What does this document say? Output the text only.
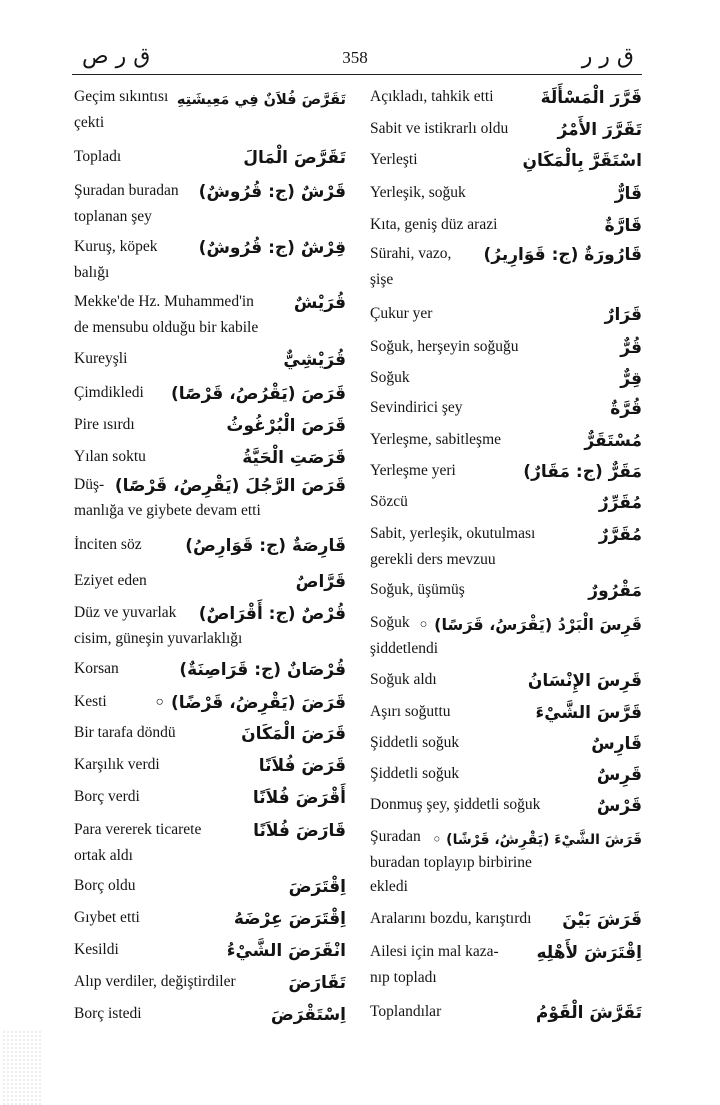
ق ر ص	358	ق ر ر
Geçim sıkıntısı تَقَرَّصَ فُلاَنٌ فِي مَعِيشَتِهِ
çekti
Topladı	تَقَرَّصَ الْمَالَ
Şuradan buradan قَرْشٌ (ج: قُرُوشٌ)
toplanan şey
Kuruş, köpek قِرْشٌ (ج: قُرُوشٌ)
balığı
Mekke'de Hz. Muhammed'in قُرَيْشٌ
de mensubu olduğu bir kabile
Kureyşli	قُرَيْشِيٌّ
Çimdikledi قَرَصَ (يَقْرُصُ، قَرْصًا)
Pire ısırdı	قَرَصَ الْبُرْغُوثُ
Yılan soktu	قَرَصَتِ الْحَيَّةُ
Düş- قَرَصَ الرَّجُلَ (يَقْرِصُ، قَرْصًا)
manlığa ve giybete devam etti
İnciten söz	قَارِصَةٌ (ج: قَوَارِصُ)
Eziyet eden	قَرَّاصٌ
Düz ve yuvarlak قُرْصٌ (ج: أَقْرَاصٌ)
cisim, güneşin yuvarlaklığı
Korsan	قُرْصَانٌ (ج: قَرَاصِنَةٌ)
Kesti	قَرَضَ (يَقْرِضُ، قَرْضًا) ◦
Bir tarafa döndü	قَرَضَ الْمَكَانَ
Karşılık verdi	قَرَضَ فُلاَنًا
Borç verdi	أَقْرَضَ فُلاَنًا
Para vererek ticarete	قَارَضَ فُلاَنًا
ortak aldı
Borç oldu	اِقْتَرَضَ
Gıybet etti	اِقْتَرَضَ عِرْضَهُ
Kesildi	انْقَرَضَ الشَّيْءُ
Alıp verdiler, değiştirdiler	تَقَارَضَ
Borç istedi	اِسْتَقْرَضَ
Açıkladı, tahkik etti	قَرَّرَ الْمَسْأَلَةَ
Sabit ve istikrarlı oldu	تَقَرَّرَ الأَمْرُ
Yerleşti	اسْتَقَرَّ بِالْمَكَانِ
Yerleşik, soğuk	قَارٌّ
Kıta, geniş düz arazi	قَارَّةٌ
Sürahi, vazo, قَارُورَةٌ (ج: قَوَارِيرُ)
şişe
Çukur yer	قَرَارٌ
Soğuk, herşeyin soğuğu	قُرٌّ
Soğuk	قِرٌّ
Sevindirici şey	قُرَّةٌ
Yerleşme, sabitleşme	مُسْتَقَرٌّ
Yerleşme yeri	مَقَرٌّ (ج: مَقَارٌ)
Sözcü	مُقَرِّرٌ
Sabit, yerleşik, okutulması	مُقَرَّرٌ
gerekli ders mevzuu
Soğuk, üşümüş	مَقْرُورٌ
Soğuk قَرِسَ الْبَرْدُ (يَقْرَسُ، قَرَسًا) ◦
şiddetlendi
Soğuk aldı	قَرِسَ الإِنْسَانُ
Aşırı soğuttu	قَرَّسَ الشَّيْءَ
Şiddetli soğuk	قَارِسٌ
Şiddetli soğuk	قَرِسٌ
Donmuş şey, şiddetli soğuk	قَرْسٌ
Şuradan قَرَشَ الشَّيْءَ (يَقْرِشُ، قَرْشًا) ◦
buradan toplayıp birbirine
ekledi
Aralarını bozdu, karıştırdı قَرَشَ بَيْنَ
Ailesi için mal kaza- اِقْتَرَشَ لأَهْلِهِ
nıp topladı
Toplandılar	تَقَرَّشَ الْقَوْمُ
